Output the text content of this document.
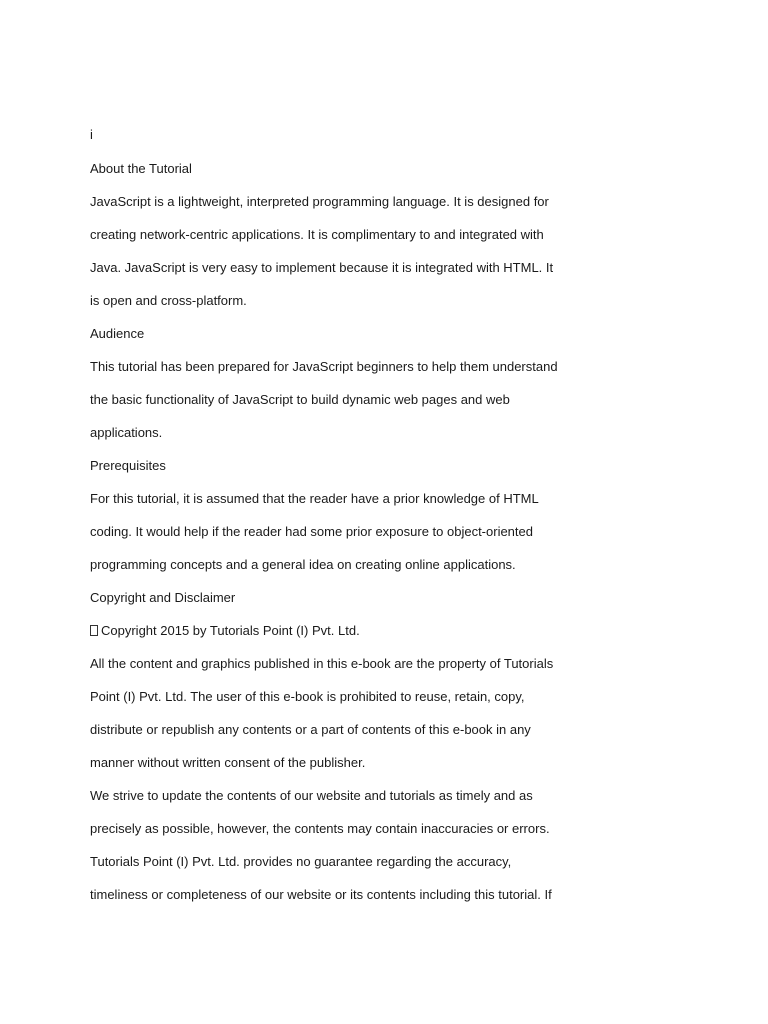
i

About the Tutorial

JavaScript is a lightweight, interpreted programming language. It is designed for

creating network-centric applications. It is complimentary to and integrated with

Java. JavaScript is very easy to implement because it is integrated with HTML. It

is open and cross-platform.

Audience

This tutorial has been prepared for JavaScript beginners to help them understand

the basic functionality of JavaScript to build dynamic web pages and web

applications.

Prerequisites

For this tutorial, it is assumed that the reader have a prior knowledge of HTML

coding. It would help if the reader had some prior exposure to object-oriented

programming concepts and a general idea on creating online applications.

Copyright and Disclaimer

Copyright 2015 by Tutorials Point (I) Pvt. Ltd.

All the content and graphics published in this e-book are the property of Tutorials

Point (I) Pvt. Ltd. The user of this e-book is prohibited to reuse, retain, copy,

distribute or republish any contents or a part of contents of this e-book in any

manner without written consent of the publisher.

We strive to update the contents of our website and tutorials as timely and as

precisely as possible, however, the contents may contain inaccuracies or errors.

Tutorials Point (I) Pvt. Ltd. provides no guarantee regarding the accuracy,

timeliness or completeness of our website or its contents including this tutorial. If
